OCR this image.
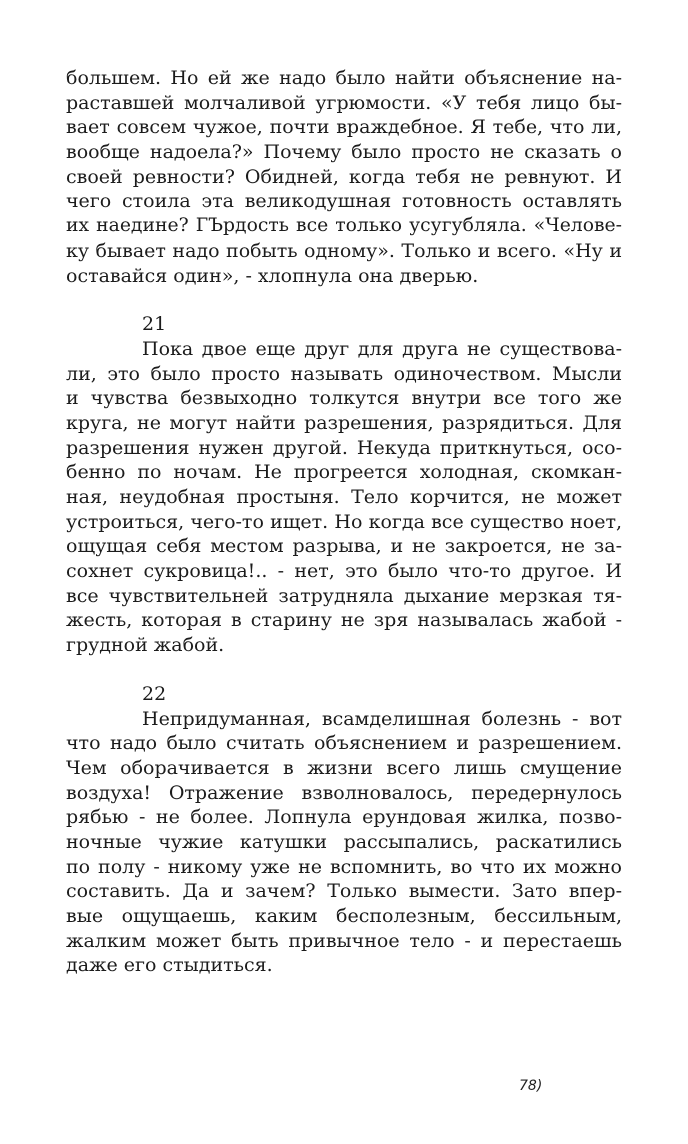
большем. Но ей же надо было найти объяснение на-
раставшей молчаливой угрюмости. «У тебя лицо бы-
вает совсем чужое, почти враждебное. Я тебе, что ли,
вообще надоела?» Почему было просто не сказать о
своей ревности? Обидней, когда тебя не ревнуют. И
чего стоила эта великодушная готовность оставлять
их наедине? ГЪрдость все только усугубляла. «Челове-
ку бывает надо побыть одному». Только и всего. «Ну и
оставайся один», - хлопнула она дверью.
21
Пока двое еще друг для друга не существова-
ли, это было просто называть одиночеством. Мысли
и чувства безвыходно толкутся внутри все того же
круга, не могут найти разрешения, разрядиться. Для
разрешения нужен другой. Некуда приткнуться, осо-
бенно по ночам. Не прогреется холодная, скомкан-
ная, неудобная простыня. Тело корчится, не может
устроиться, чего-то ищет. Но когда все существо ноет,
ощущая себя местом разрыва, и не закроется, не за-
сохнет сукровица!.. - нет, это было что-то другое. И
все чувствительней затрудняла дыхание мерзкая тя-
жесть, которая в старину не зря называлась жабой -
грудной жабой.
22
Непридуманная, всамделишная болезнь - вот
что надо было считать объяснением и разрешением.
Чем оборачивается в жизни всего лишь смущение
воздуха! Отражение взволновалось, передернулось
рябью - не более. Лопнула ерундовая жилка, позво-
ночные чужие катушки рассыпались, раскатились
по полу - никому уже не вспомнить, во что их можно
составить. Да и зачем? Только вымести. Зато впер-
вые ощущаешь, каким бесполезным, бессильным,
жалким может быть привычное тело - и перестаешь
даже его стыдиться.
78)
